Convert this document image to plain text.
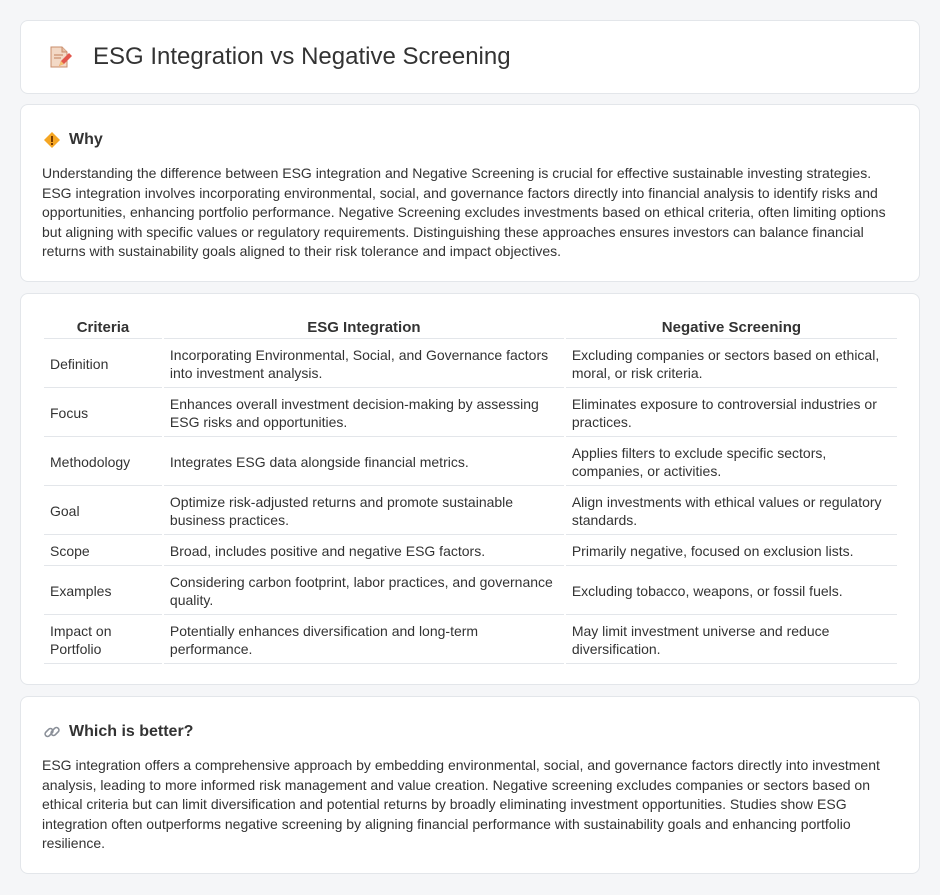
ESG Integration vs Negative Screening
Why

Understanding the difference between ESG integration and Negative Screening is crucial for effective sustainable investing strategies. ESG integration involves incorporating environmental, social, and governance factors directly into financial analysis to identify risks and opportunities, enhancing portfolio performance. Negative Screening excludes investments based on ethical criteria, often limiting options but aligning with specific values or regulatory requirements. Distinguishing these approaches ensures investors can balance financial returns with sustainability goals aligned to their risk tolerance and impact objectives.

Criteria	ESG Integration	Negative Screening
Definition	Incorporating Environmental, Social, and Governance factors into investment analysis.	Excluding companies or sectors based on ethical, moral, or risk criteria.
Focus	Enhances overall investment decision-making by assessing ESG risks and opportunities.	Eliminates exposure to controversial industries or practices.
Methodology	Integrates ESG data alongside financial metrics.	Applies filters to exclude specific sectors, companies, or activities.
Goal	Optimize risk-adjusted returns and promote sustainable business practices.	Align investments with ethical values or regulatory standards.
Scope	Broad, includes positive and negative ESG factors.	Primarily negative, focused on exclusion lists.
Examples	Considering carbon footprint, labor practices, and governance quality.	Excluding tobacco, weapons, or fossil fuels.
Impact on Portfolio	Potentially enhances diversification and long-term performance.	May limit investment universe and reduce diversification.
Which is better?

ESG integration offers a comprehensive approach by embedding environmental, social, and governance factors directly into investment analysis, leading to more informed risk management and value creation. Negative screening excludes companies or sectors based on ethical criteria but can limit diversification and potential returns by broadly eliminating investment opportunities. Studies show ESG integration often outperforms negative screening by aligning financial performance with sustainability goals and enhancing portfolio resilience.
